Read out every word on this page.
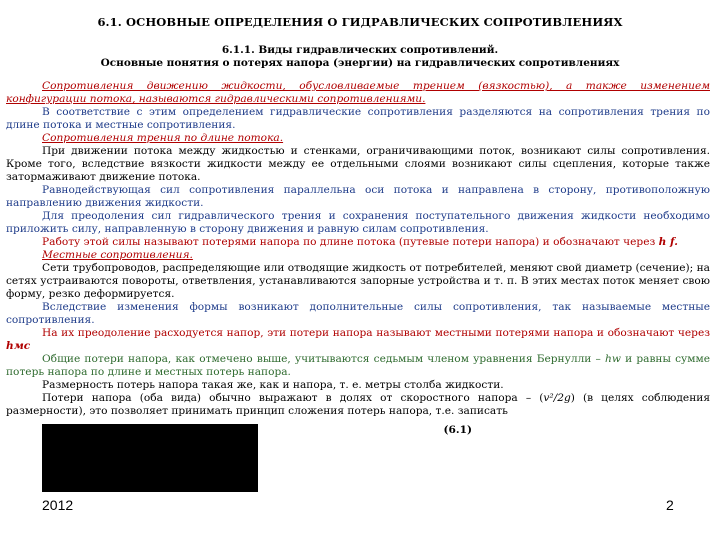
6.1. ОСНОВНЫЕ ОПРЕДЕЛЕНИЯ О ГИДРАВЛИЧЕСКИХ СОПРОТИВЛЕНИЯХ
6.1.1. Виды гидравлических сопротивлений.
Основные понятия о потерях напора (энергии) на гидравлических сопротивлениях

Сопротивления движению жидкости, обусловливаемые трением (вязкостью), а также изменением конфигурации потока, называются гидравлическими сопротивлениями.

В соответствие с этим определением гидравлические сопротивления разделяются на сопротивления трения по длине потока и местные сопротивления.

Сопротивления трения по длине потока.

При движении потока между жидкостью и стенками, ограничивающими поток, возникают силы сопротивления. Кроме того, вследствие вязкости жидкости между ее отдельными слоями возникают силы сцепления, которые также затормаживают движение потока.

Равнодействующая сил сопротивления параллельна оси потока и направлена в сторону, противоположную направлению движения жидкости.

Для преодоления сил гидравлического трения и сохранения поступательного движения жидкости необходимо приложить силу, направленную в сторону движения и равную силам сопротивления.

Работу этой силы называют потерями напора по длине потока (путевые потери напора) и обозначают через h f.

Местные сопротивления.

Сети трубопроводов, распределяющие или отводящие жидкость от потребителей, меняют свой диаметр (сечение); на сетях устраиваются повороты, ответвления, устанавливаются запорные устройства и т. п. В этих местах поток меняет свою форму, резко деформируется.

Вследствие изменения формы возникают дополнительные силы сопротивления, так называемые местные сопротивления.

На их преодоление расходуется напор, эти потери напора называют местными потерями напора и обозначают через hмс

Общие потери напора, как отмечено выше, учитываются седьмым членом уравнения Бернулли – hw и равны сумме потерь напора по длине и местных потерь напора.

Размерность потерь напора такая же, как и напора, т. е. метры столба жидкости.

Потери напора (оба вида) обычно выражают в долях от скоростного напора – (v²/2g) (в целях соблюдения размерности), это позволяет принимать принцип сложения потерь напора, т.е. записать

(6.1)
2012	2
